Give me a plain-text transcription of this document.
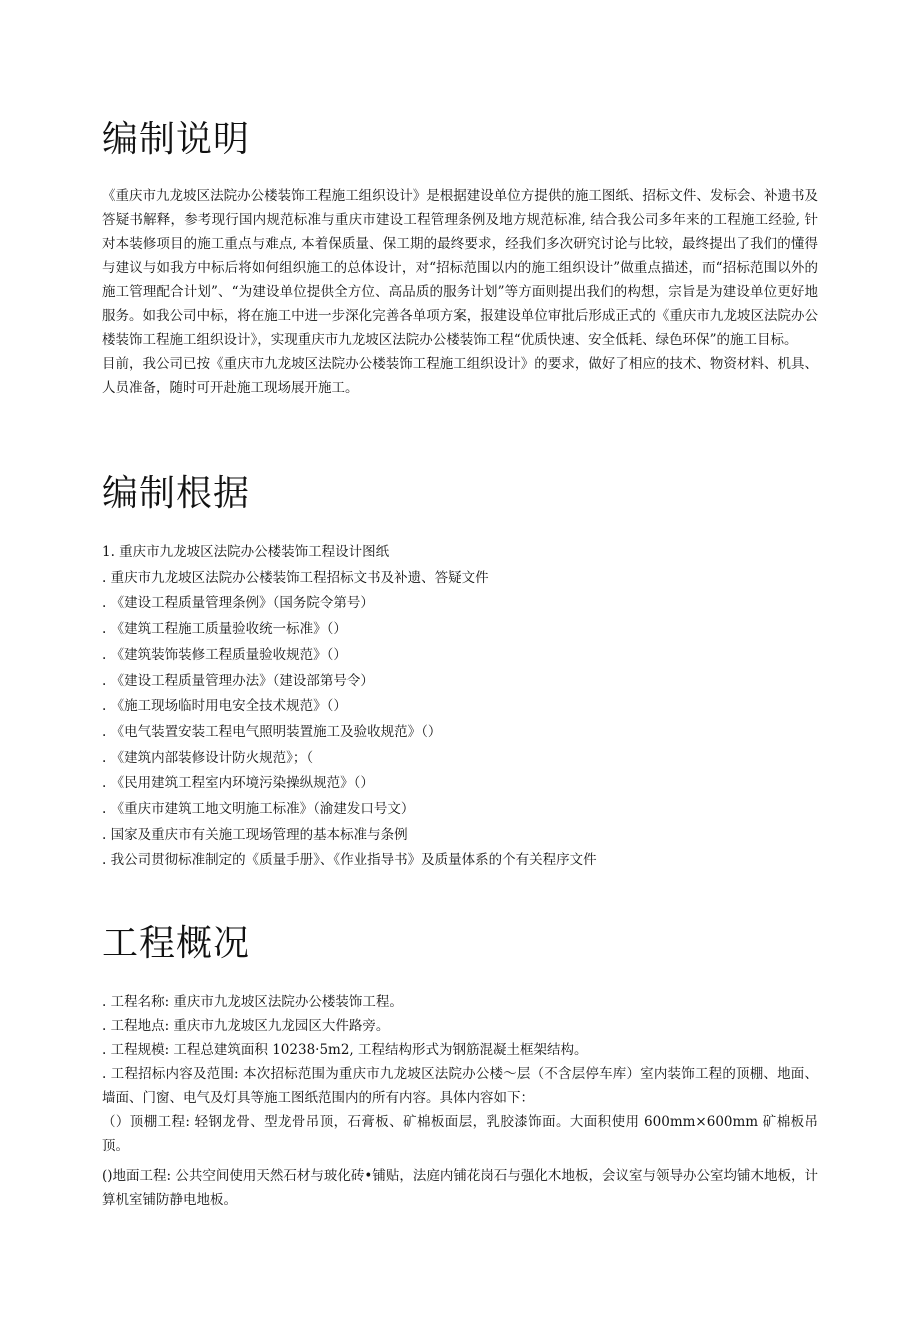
编制说明

《重庆市九龙坡区法院办公楼装饰工程施工组织设计》是根据建设单位方提供的施工图纸、招标文件、发标会、补遗书及答疑书解释，参考现行国内规范标准与重庆市建设工程管理条例及地方规范标准, 结合我公司多年来的工程施工经验, 针对本装修项目的施工重点与难点, 本着保质量、保工期的最终要求，经我们多次研究讨论与比较，最终提出了我们的懂得与建议与如我方中标后将如何组织施工的总体设计，对“招标范围以内的施工组织设计”做重点描述，而“招标范围以外的施工管理配合计划”、“为建设单位提供全方位、高品质的服务计划”等方面则提出我们的构想，宗旨是为建设单位更好地服务。如我公司中标，将在施工中进一步深化完善各单项方案，报建设单位审批后形成正式的《重庆市九龙坡区法院办公楼装饰工程施工组织设计》，实现重庆市九龙坡区法院办公楼装饰工程“优质快速、安全低耗、绿色环保”的施工目标。

目前，我公司已按《重庆市九龙坡区法院办公楼装饰工程施工组织设计》的要求，做好了相应的技术、物资材料、机具、人员准备，随时可开赴施工现场展开施工。

编制根据
1. 重庆市九龙坡区法院办公楼装饰工程设计图纸
. 重庆市九龙坡区法院办公楼装饰工程招标文书及补遗、答疑文件
. 《建设工程质量管理条例》（国务院令第号）
. 《建筑工程施工质量验收统一标准》（）
. 《建筑装饰装修工程质量验收规范》（）
. 《建设工程质量管理办法》（建设部第号令）
. 《施工现场临时用电安全技术规范》（）
. 《电气装置安装工程电气照明装置施工及验收规范》（）
. 《建筑内部装修设计防火规范》；（
. 《民用建筑工程室内环境污染操纵规范》（）
. 《重庆市建筑工地文明施工标准》（渝建发口号文）
. 国家及重庆市有关施工现场管理的基本标准与条例
. 我公司贯彻标准制定的《质量手册》、《作业指导书》及质量体系的个有关程序文件
工程概况

. 工程名称: 重庆市九龙坡区法院办公楼装饰工程。

. 工程地点: 重庆市九龙坡区九龙园区大件路旁。

. 工程规模: 工程总建筑面积 10238·5m2, 工程结构形式为钢筋混凝土框架结构。

. 工程招标内容及范围: 本次招标范围为重庆市九龙坡区法院办公楼～层（不含层停车库）室内装饰工程的顶棚、地面、墙面、门窗、电气及灯具等施工图纸范围内的所有内容。具体内容如下：

（）顶棚工程: 轻钢龙骨、型龙骨吊顶，石膏板、矿棉板面层，乳胶漆饰面。大面积使用 600mm×600mm 矿棉板吊顶。

()地面工程: 公共空间使用天然石材与玻化砖•铺贴，法庭内铺花岗石与强化木地板，会议室与领导办公室均铺木地板，计算机室铺防静电地板。
